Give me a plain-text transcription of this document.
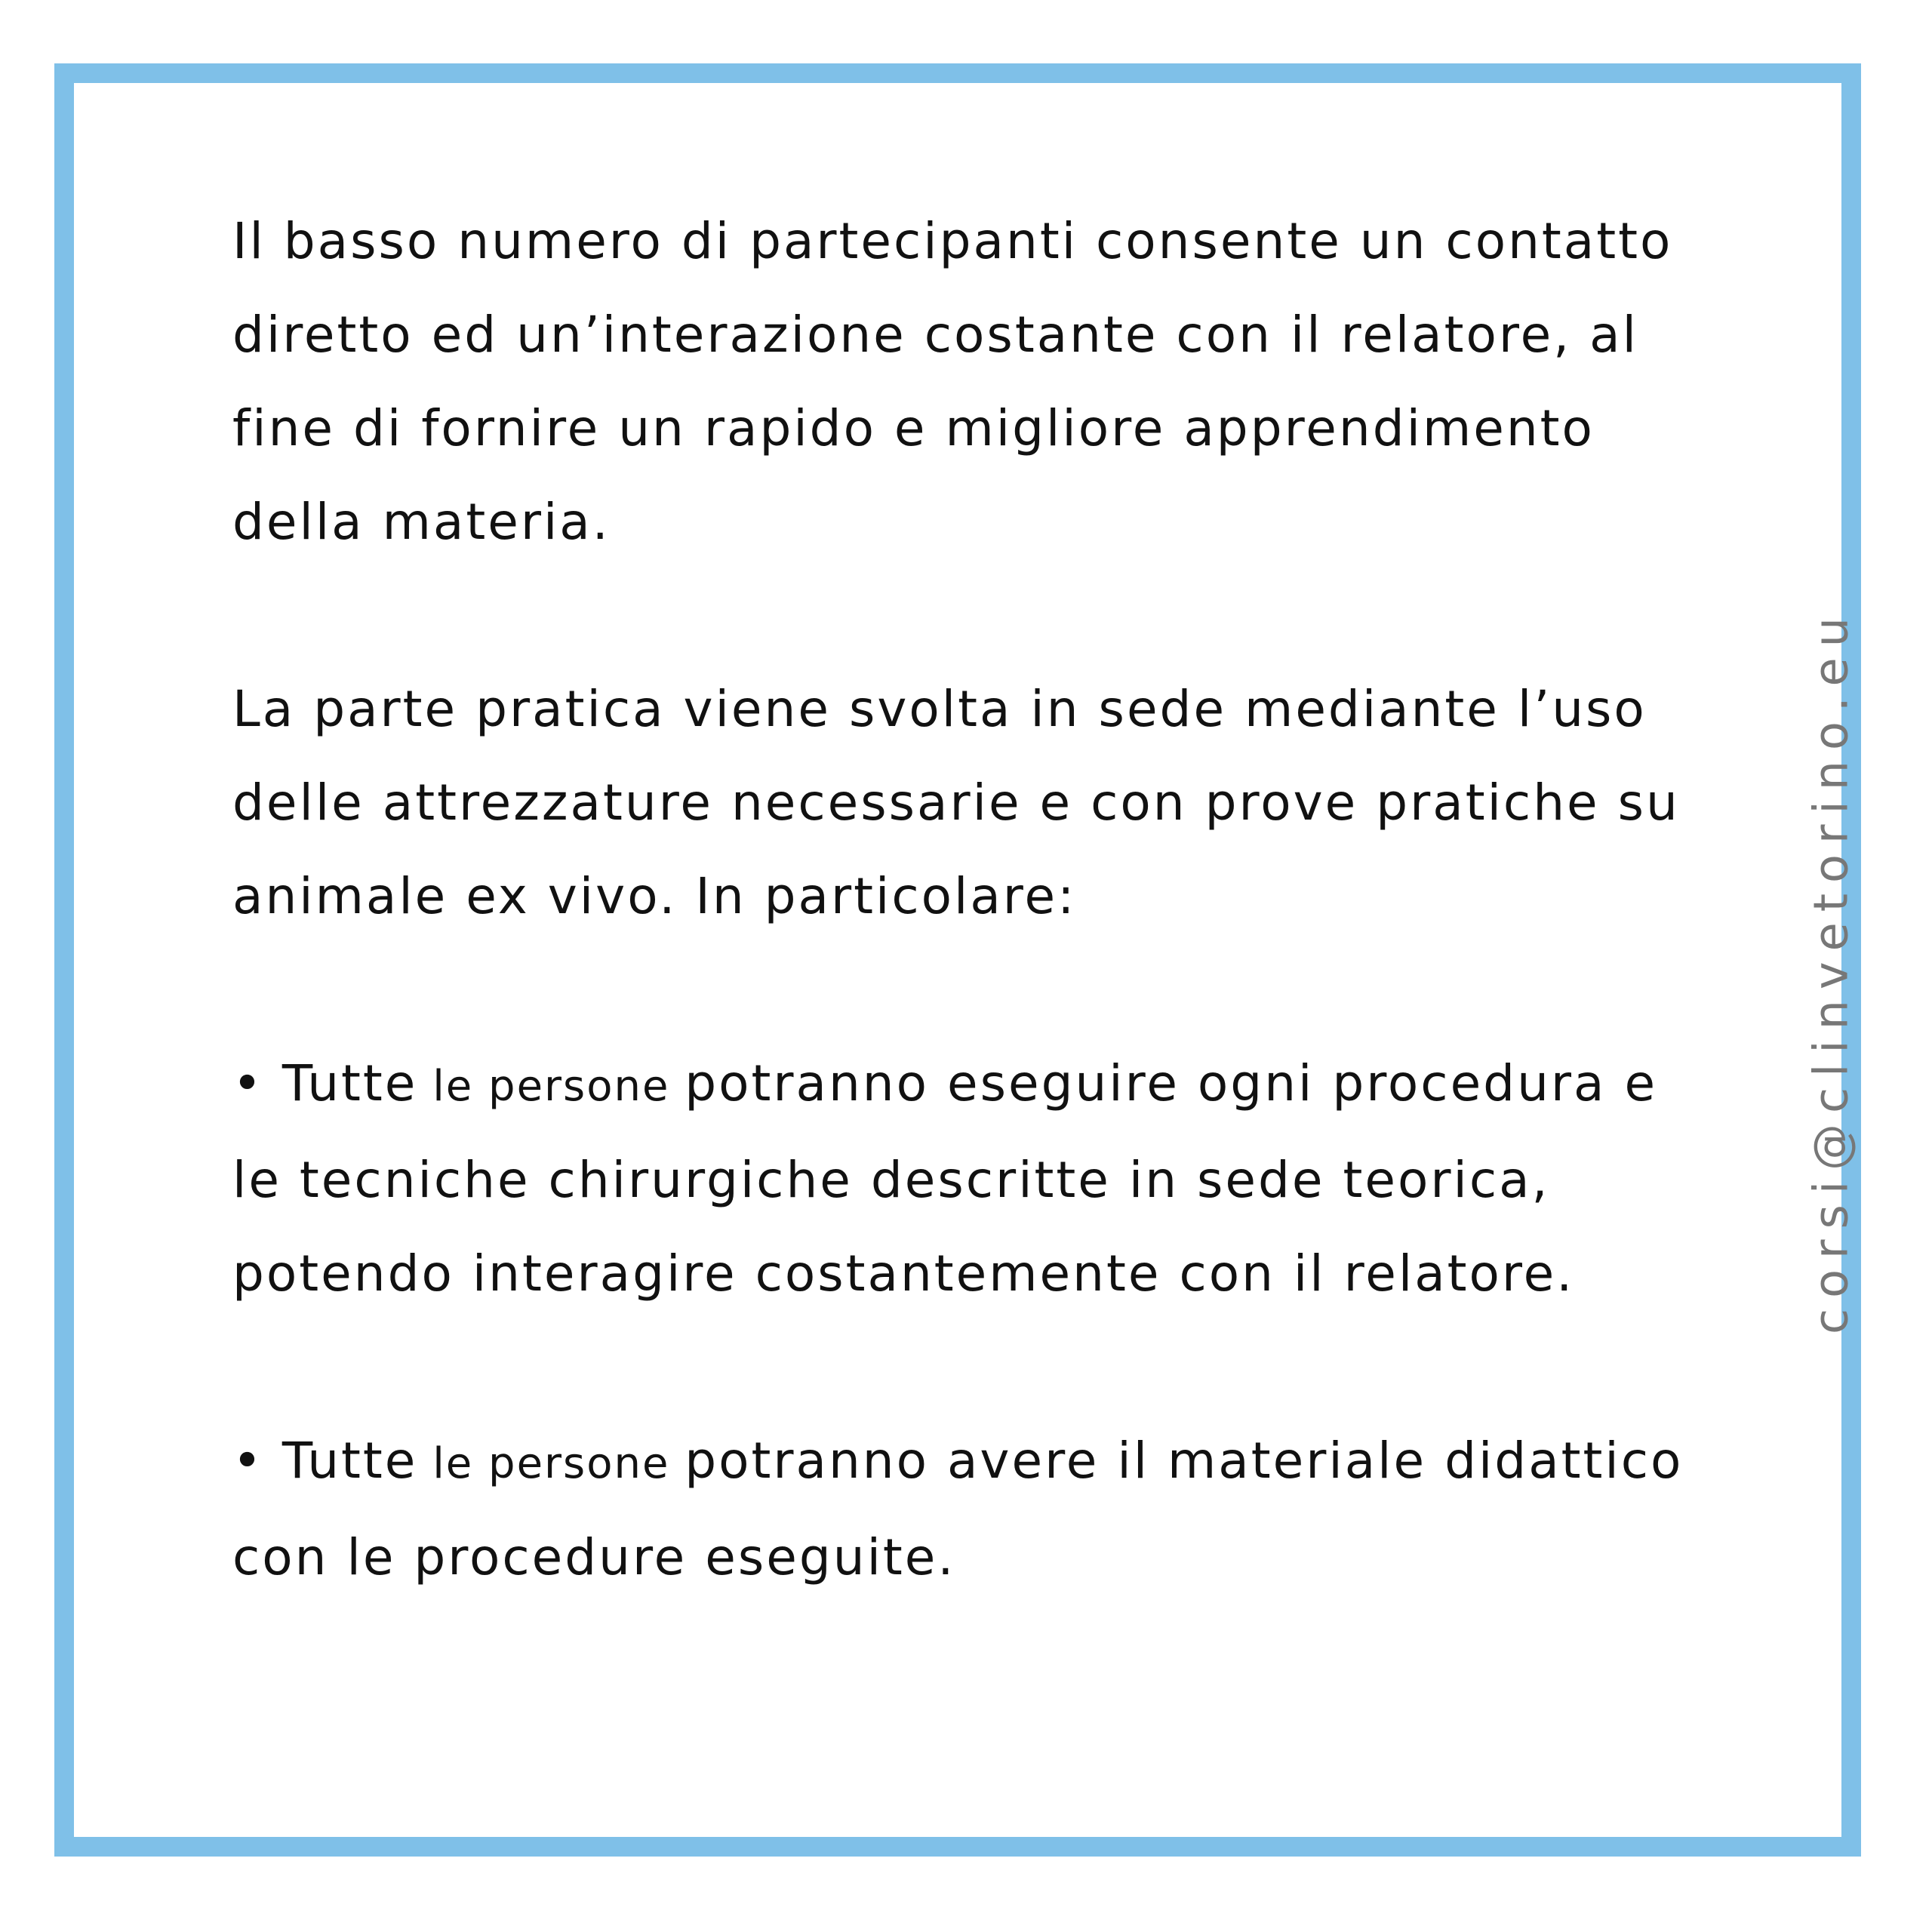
Il basso numero di partecipanti consente un contatto diretto ed un’interazione costante con il relatore, al fine di fornire un rapido e migliore apprendimento della materia.

La parte pratica viene svolta in sede mediante l’uso delle attrezzature necessarie e con prove pratiche su animale ex vivo. In particolare:

• Tutte le persone potranno eseguire ogni procedura e le tecniche chirurgiche descritte in sede teorica, potendo interagire costantemente con il relatore.

• Tutte le persone potranno avere il materiale didattico con le procedure eseguite.

corsi@clinvetorino.eu
